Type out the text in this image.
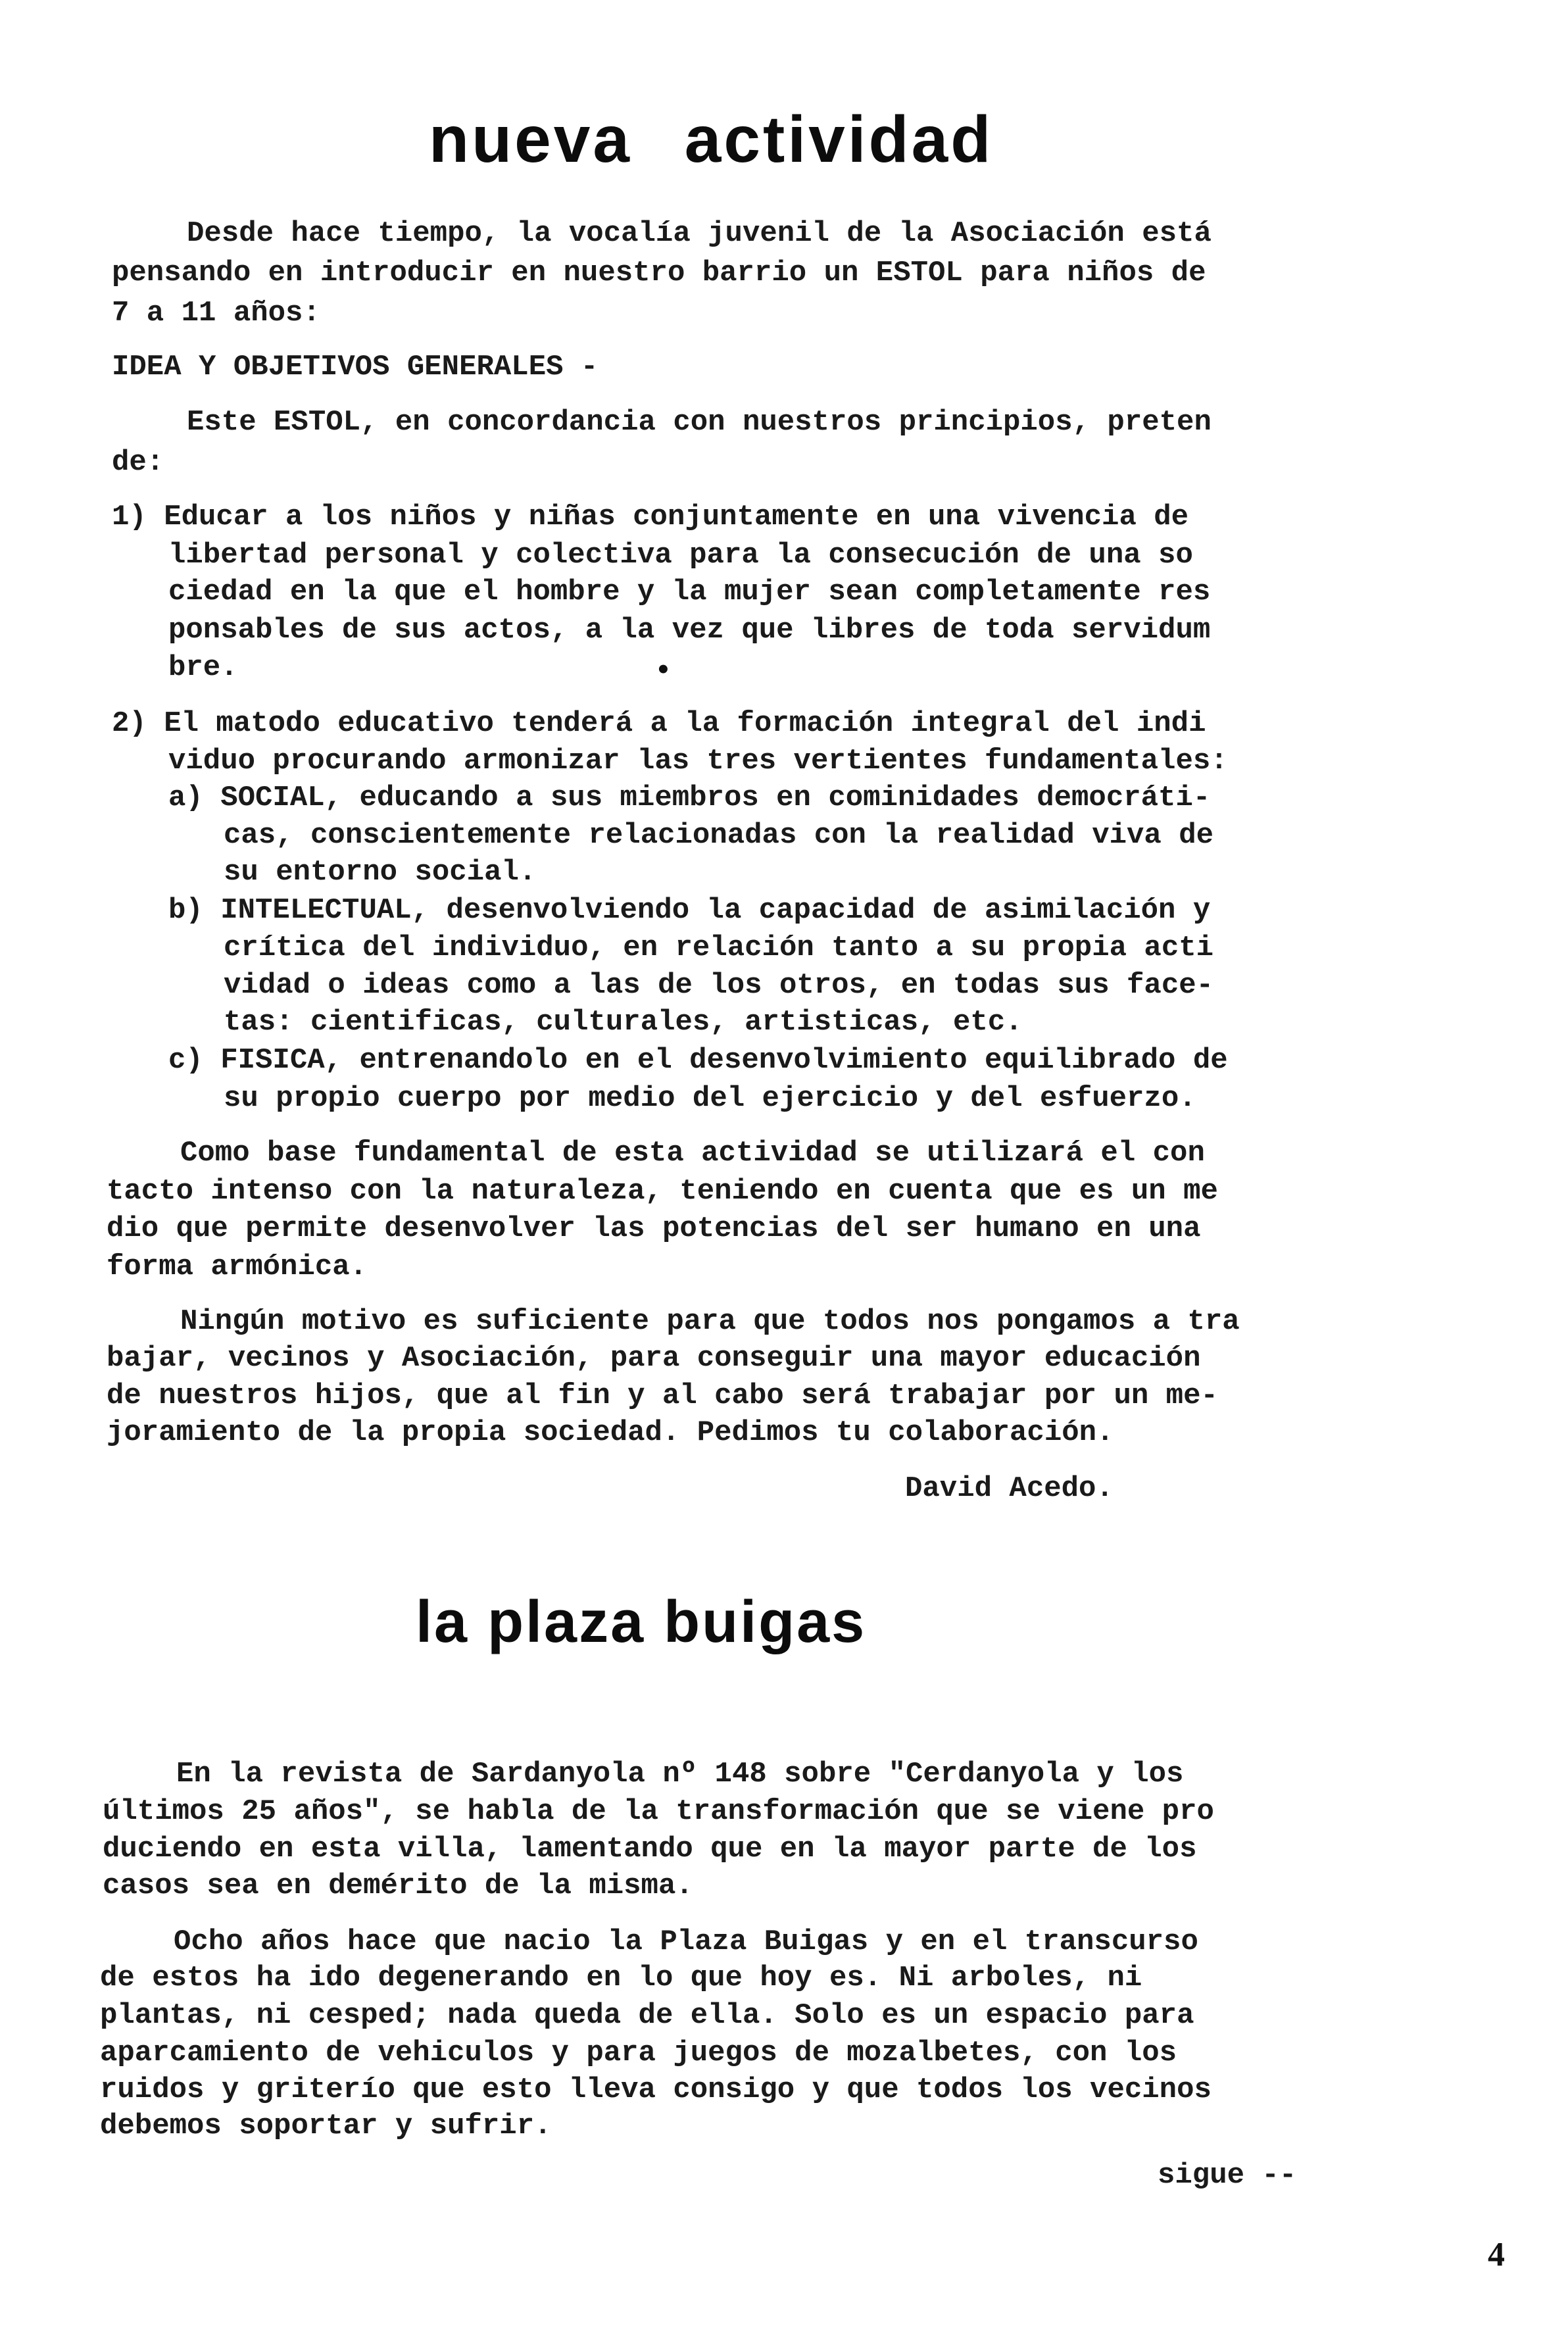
nueva actividad

Desde hace tiempo, la vocalía juvenil de la Asociación está

pensando en introducir en nuestro barrio un ESTOL para niños de

7 a 11 años:

IDEA Y OBJETIVOS GENERALES -

Este ESTOL, en concordancia con nuestros principios, preten

de:

1) Educar a los niños y niñas conjuntamente en una vivencia de

libertad personal y colectiva para la consecución de una so

ciedad en la que el hombre y la mujer sean completamente res

ponsables de sus actos, a la vez que libres de toda servidum

bre.	•

2) El matodo educativo tenderá a la formación integral del indi

viduo procurando armonizar las tres vertientes fundamentales:

a) SOCIAL, educando a sus miembros en cominidades democráti-

cas, conscientemente relacionadas con la realidad viva de

su entorno social.

b) INTELECTUAL, desenvolviendo la capacidad de asimilación y

crítica del individuo, en relación tanto a su propia acti

vidad o ideas como a las de los otros, en todas sus face-

tas: cientificas, culturales, artisticas, etc.

c) FISICA, entrenandolo en el desenvolvimiento equilibrado de

su propio cuerpo por medio del ejercicio y del esfuerzo.

Como base fundamental de esta actividad se utilizará el con

tacto intenso con la naturaleza, teniendo en cuenta que es un me

dio que permite desenvolver las potencias del ser humano en una

forma armónica.

Ningún motivo es suficiente para que todos nos pongamos a tra

bajar, vecinos y Asociación, para conseguir una mayor educación

de nuestros hijos, que al fin y al cabo será trabajar por un me-

joramiento de la propia sociedad. Pedimos tu colaboración.

David Acedo.

la plaza buigas

En la revista de Sardanyola nº 148 sobre "Cerdanyola y los

últimos 25 años", se habla de la transformación que se viene pro

duciendo en esta villa, lamentando que en la mayor parte de los

casos sea en demérito de la misma.

Ocho años hace que nacio la Plaza Buigas y en el transcurso

de estos ha ido degenerando en lo que hoy es. Ni arboles, ni

plantas, ni cesped; nada queda de ella. Solo es un espacio para

aparcamiento de vehiculos y para juegos de mozalbetes, con los

ruidos y griterío que esto lleva consigo y que todos los vecinos

debemos soportar y sufrir.

sigue --

4
